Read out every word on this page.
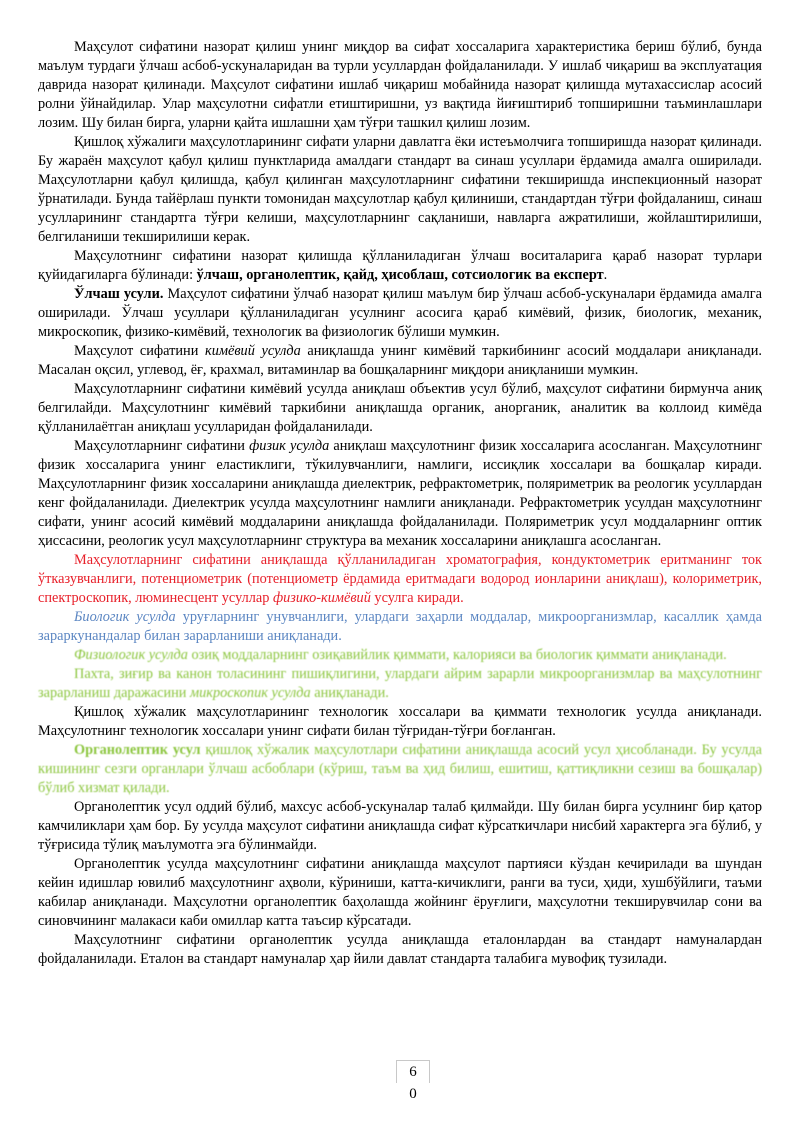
Маҳсулот сифатини назорат қилиш унинг миқдор ва сифат хоссаларига характеристика бериш бўлиб, бунда маълум турдаги ўлчаш асбоб-ускуналаридан ва турли усуллардан фойдаланилади. У ишлаб чиқариш ва эксплуатация даврида назорат қилинади. Маҳсулот сифатини ишлаб чиқариш мобайнида назорат қилишда мутахассислар асосий ролни ўйнайдилар. Улар маҳсулотни сифатли етиштиришни, уз вақтида йиғиштириб топширишни таъминлашлари лозим. Шу билан бирга, уларни қайта ишлашни ҳам тўғри ташкил қилиш лозим.

Қишлоқ хўжалиги маҳсулотларининг сифати уларни давлатга ёки истеъмолчига топширишда назорат қилинади. Бу жараён маҳсулот қабул қилиш пунктларида амалдаги стандарт ва синаш усуллари ёрдамида амалга оширилади. Маҳсулотларни қабул қилишда, қабул қилинган маҳсулотларнинг сифатини текширишда инспекционный назорат ўрнатилади. Бунда тайёрлаш пункти томонидан маҳсулотлар қабул қилиниши, стандартдан тўғри фойдаланиш, синаш усулларининг стандартга тўғри келиши, маҳсулотларнинг сақланиши, навларга ажратилиши, жойлаштирилиши, белгиланиши текширилиши керак.

Маҳсулотнинг сифатини назорат қилишда қўлланиладиган ўлчаш воситаларига қараб назорат турлари қуйидагиларга бўлинади: ўлчаш, органолептик, қайд, ҳисоблаш, сотсиологик ва експерт.

Ўлчаш усули. Маҳсулот сифатини ўлчаб назорат қилиш маълум бир ўлчаш асбоб-ускуналари ёрдамида амалга оширилади. Ўлчаш усуллари қўлланиладиган усулнинг асосига қараб кимёвий, физик, биологик, механик, микроскопик, физико-кимёвий, технологик ва физиологик бўлиши мумкин.

Маҳсулот сифатини кимёвий усулда аниқлашда унинг кимёвий таркибининг асосий моддалари аниқланади. Масалан оқсил, углевод, ёғ, крахмал, витаминлар ва бошқаларнинг миқдори аниқланиши мумкин.

Маҳсулотларнинг сифатини кимёвий усулда аниқлаш объектив усул бўлиб, маҳсулот сифатини бирмунча аниқ белгилайди. Маҳсулотнинг кимёвий таркибини аниқлашда органик, анорганик, аналитик ва коллоид кимёда қўлланилаётган аниқлаш усулларидан фойдаланилади.

Маҳсулотларнинг сифатини физик усулда аниқлаш маҳсулотнинг физик хоссаларига асосланган. Маҳсулотнинг физик хоссаларига унинг еластиклиги, тўкилувчанлиги, намлиги, иссиқлик хоссалари ва бошқалар киради. Маҳсулотларнинг физик хоссаларини аниқлашда диелектрик, рефрактометрик, поляриметрик ва реологик усуллардан кенг фойдаланилади. Диелектрик усулда маҳсулотнинг намлиги аниқланади. Рефрактометрик усулдан маҳсулотнинг сифати, унинг асосий кимёвий моддаларини аниқлашда фойдаланилади. Поляриметрик усул моддаларнинг оптик ҳиссасини, реологик усул маҳсулотларнинг структура ва механик хоссаларини аниқлашга асосланган.

Маҳсулотларнинг сифатини аниқлашда қўлланиладиган хроматография, кондуктометрик еритманинг ток ўтказувчанлиги, потенциометрик (потенциометр ёрдамида еритмадаги водород ионларини аниқлаш), колориметрик, спектроскопик, люминесцент усуллар физико-кимёвий усулга киради.

Биологик усулда уруғларнинг унувчанлиги, улардаги заҳарли моддалар, микроорганизмлар, касаллик ҳамда зараркунандалар билан зарарланиши аниқланади.

Физиологик усулда озиқ моддаларнинг озиқавийлик қиммати, калорияси ва биологик қиммати аниқланади.

Пахта, зиғир ва канон толасининг пишиқлигини, улардаги айрим зарарли микроорганизмлар ва маҳсулотнинг зарарланиш даражасини микроскопик усулда аниқланади.

Қишлоқ хўжалик маҳсулотларининг технологик хоссалари ва қиммати технологик усулда аниқланади. Маҳсулотнинг технологик хоссалари унинг сифати билан тўғридан-тўғри боғланган.

Органолептик усул қишлоқ хўжалик маҳсулотлари сифатини аниқлашда асосий усул ҳисобланади. Бу усулда кишининг сезги органлари ўлчаш асбоблари (кўриш, таъм ва ҳид билиш, ешитиш, қаттиқликни сезиш ва бошқалар) бўлиб хизмат қилади.

Органолептик усул оддий бўлиб, махсус асбоб-ускуналар талаб қилмайди. Шу билан бирга усулнинг бир қатор камчиликлари ҳам бор. Бу усулда маҳсулот сифатини аниқлашда сифат кўрсаткичлари нисбий характерга эга бўлиб, у тўғрисида тўлиқ маълумотга эга бўлинмайди.

Органолептик усулда маҳсулотнинг сифатини аниқлашда маҳсулот партияси кўздан кечирилади ва шундан кейин идишлар ювилиб маҳсулотнинг аҳволи, кўриниши, катта-кичиклиги, ранги ва туси, ҳиди, хушбўйлиги, таъми кабилар аниқланади. Маҳсулотни органолептик баҳолашда жойнинг ёруғлиги, маҳсулотни текширувчилар сони ва синовчининг малакаси каби омиллар катта таъсир кўрсатади.

Маҳсулотнинг сифатини органолептик усулда аниқлашда еталонлардан ва стандарт намуналардан фойдаланилади. Еталон ва стандарт намуналар ҳар йили давлат стандарта талабига мувофиқ тузилади.

6
0
